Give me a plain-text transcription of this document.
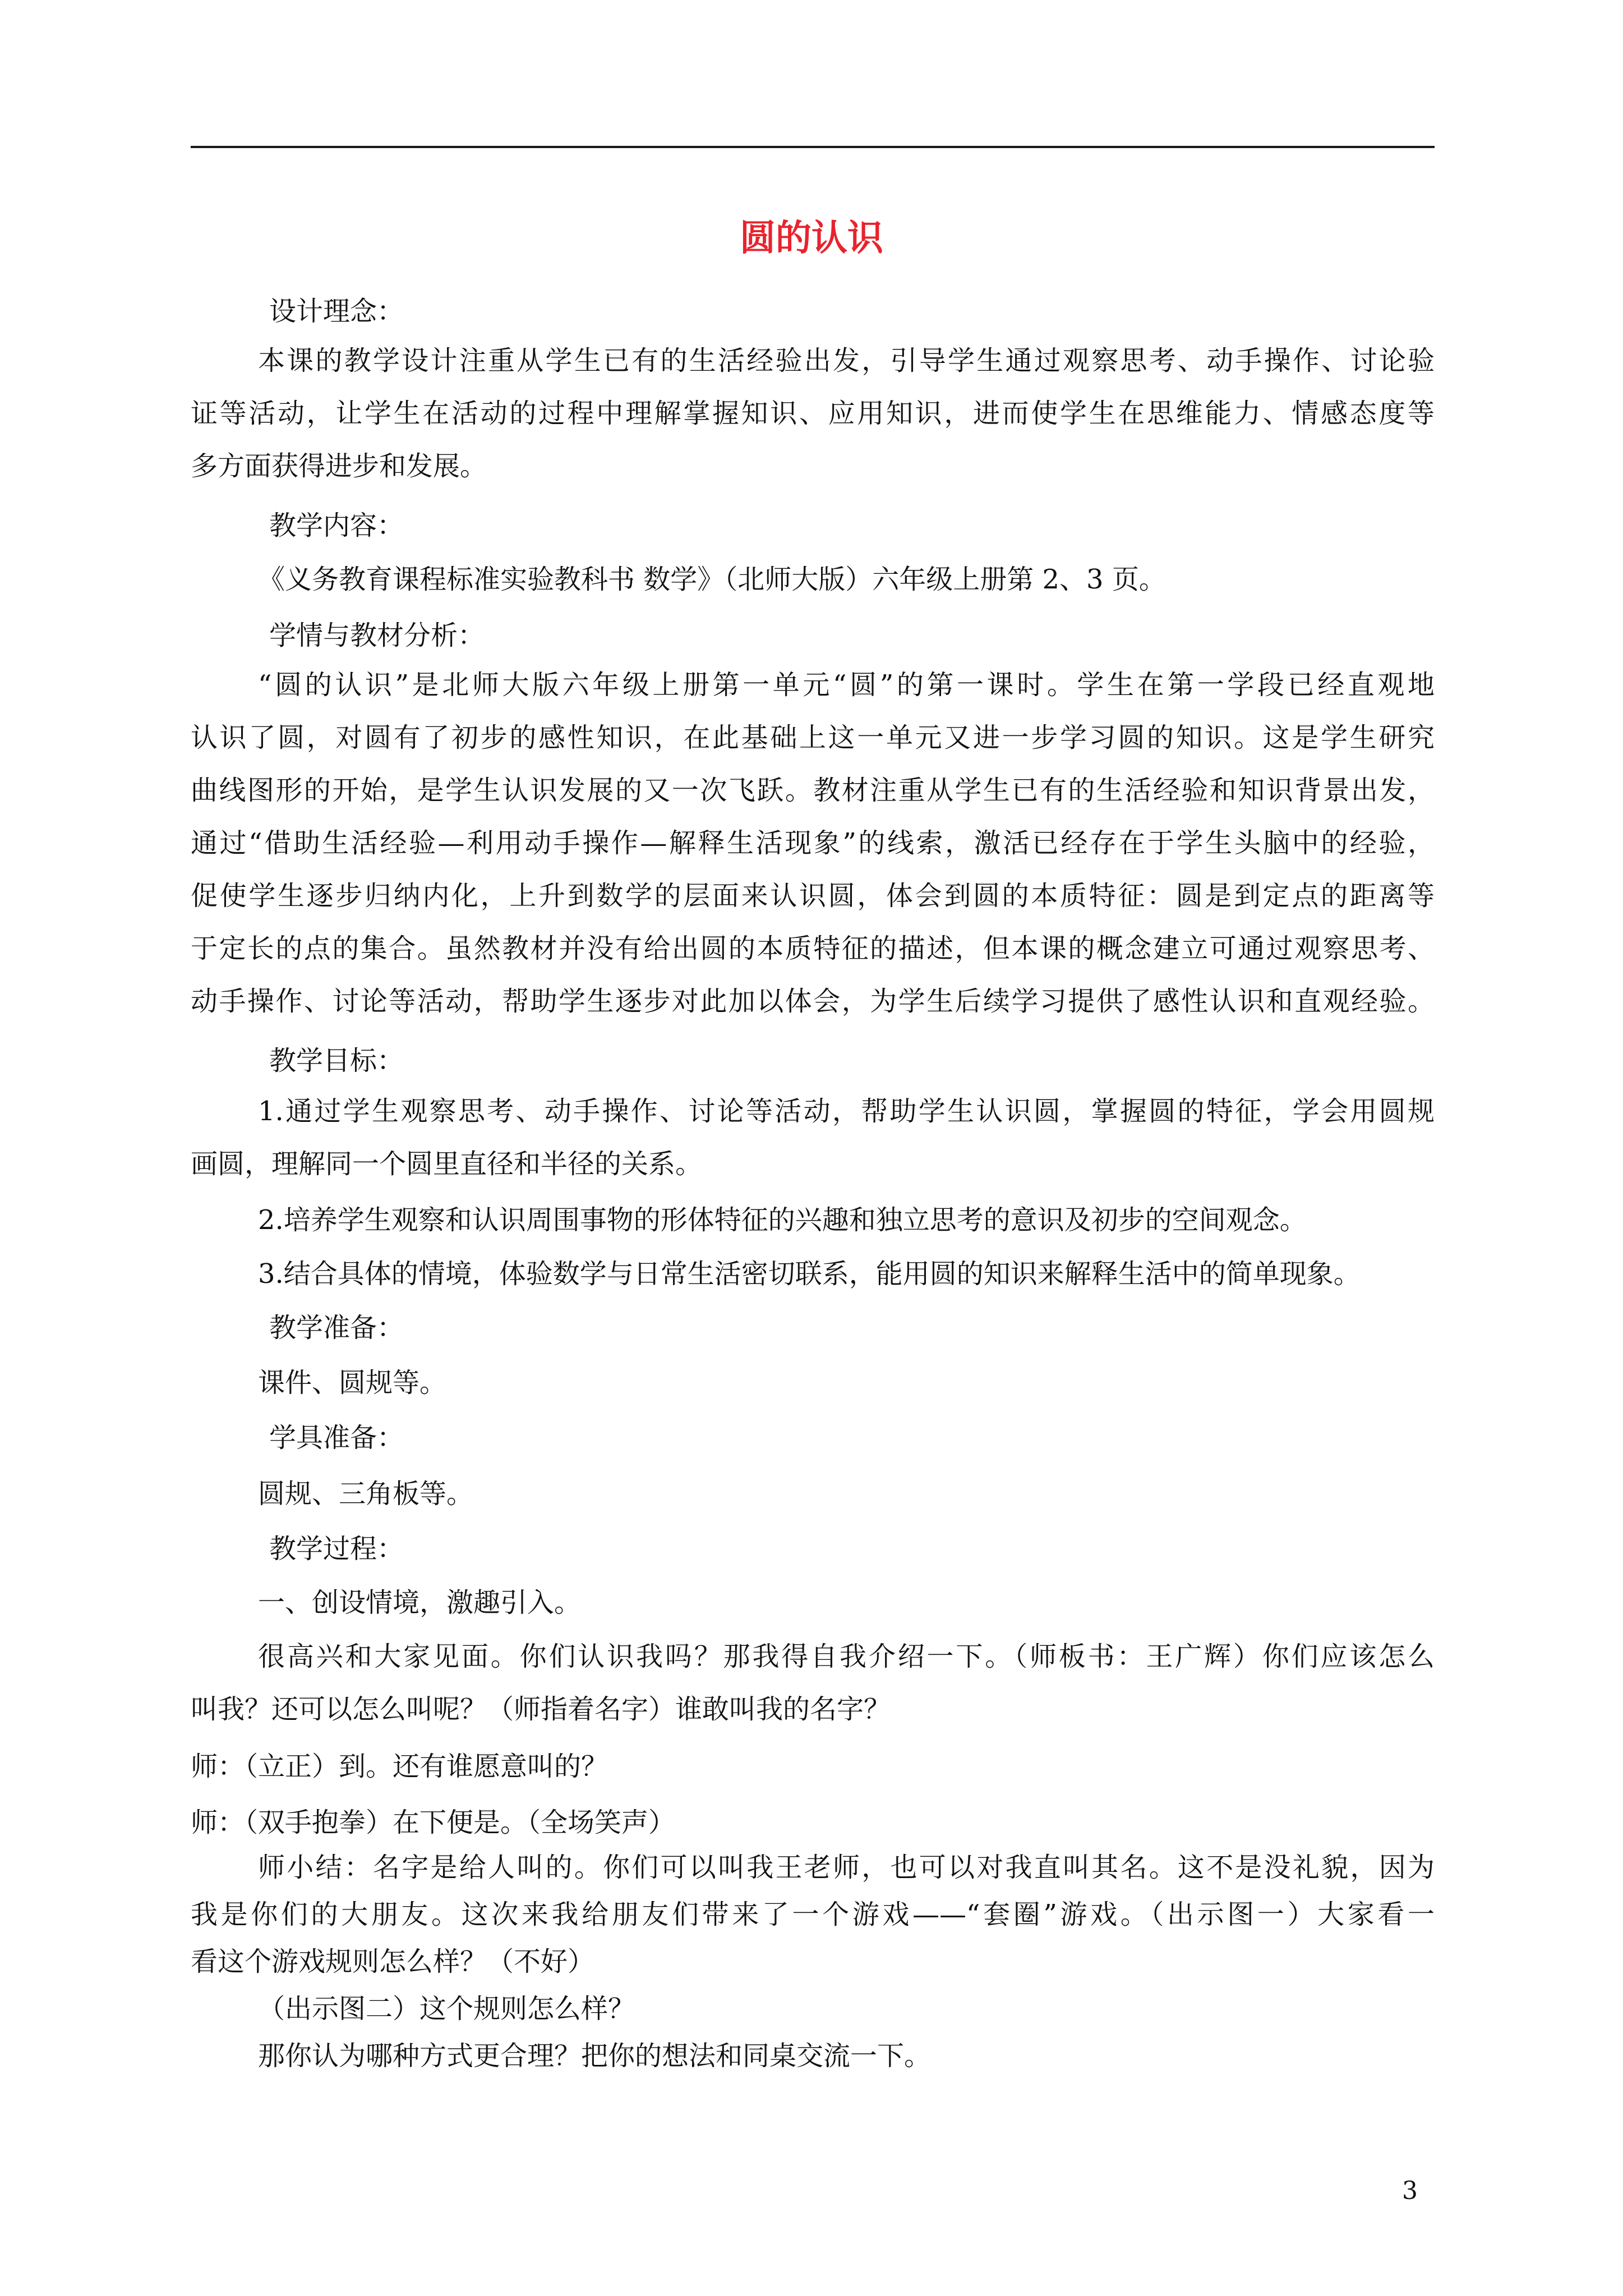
圆的认识
设计理念：
本课的教学设计注重从学生已有的生活经验出发，引导学生通过观察思考、动手操作、讨论验
证等活动，让学生在活动的过程中理解掌握知识、应用知识，进而使学生在思维能力、情感态度等
多方面获得进步和发展。
教学内容：
《义务教育课程标准实验教科书 数学》（北师大版）六年级上册第 2、3 页。
学情与教材分析：
“圆的认识”是北师大版六年级上册第一单元“圆”的第一课时。学生在第一学段已经直观地
认识了圆，对圆有了初步的感性知识，在此基础上这一单元又进一步学习圆的知识。这是学生研究
曲线图形的开始，是学生认识发展的又一次飞跃。教材注重从学生已有的生活经验和知识背景出发，
通过“借助生活经验—利用动手操作—解释生活现象”的线索，激活已经存在于学生头脑中的经验，
促使学生逐步归纳内化，上升到数学的层面来认识圆，体会到圆的本质特征：圆是到定点的距离等
于定长的点的集合。虽然教材并没有给出圆的本质特征的描述，但本课的概念建立可通过观察思考、
动手操作、讨论等活动，帮助学生逐步对此加以体会，为学生后续学习提供了感性认识和直观经验。
教学目标：
1.通过学生观察思考、动手操作、讨论等活动，帮助学生认识圆，掌握圆的特征，学会用圆规
画圆，理解同一个圆里直径和半径的关系。
2.培养学生观察和认识周围事物的形体特征的兴趣和独立思考的意识及初步的空间观念。
3.结合具体的情境，体验数学与日常生活密切联系，能用圆的知识来解释生活中的简单现象。
教学准备：
课件、圆规等。
学具准备：
圆规、三角板等。
教学过程：
一、创设情境，激趣引入。
很高兴和大家见面。你们认识我吗？那我得自我介绍一下。（师板书：王广辉）你们应该怎么
叫我？还可以怎么叫呢？（师指着名字）谁敢叫我的名字？
师：（立正）到。还有谁愿意叫的？
师：（双手抱拳）在下便是。（全场笑声）
师小结：名字是给人叫的。你们可以叫我王老师，也可以对我直叫其名。这不是没礼貌，因为
我是你们的大朋友。这次来我给朋友们带来了一个游戏——“套圈”游戏。（出示图一）大家看一
看这个游戏规则怎么样？（不好）
（出示图二）这个规则怎么样？
那你认为哪种方式更合理？把你的想法和同桌交流一下。
3
